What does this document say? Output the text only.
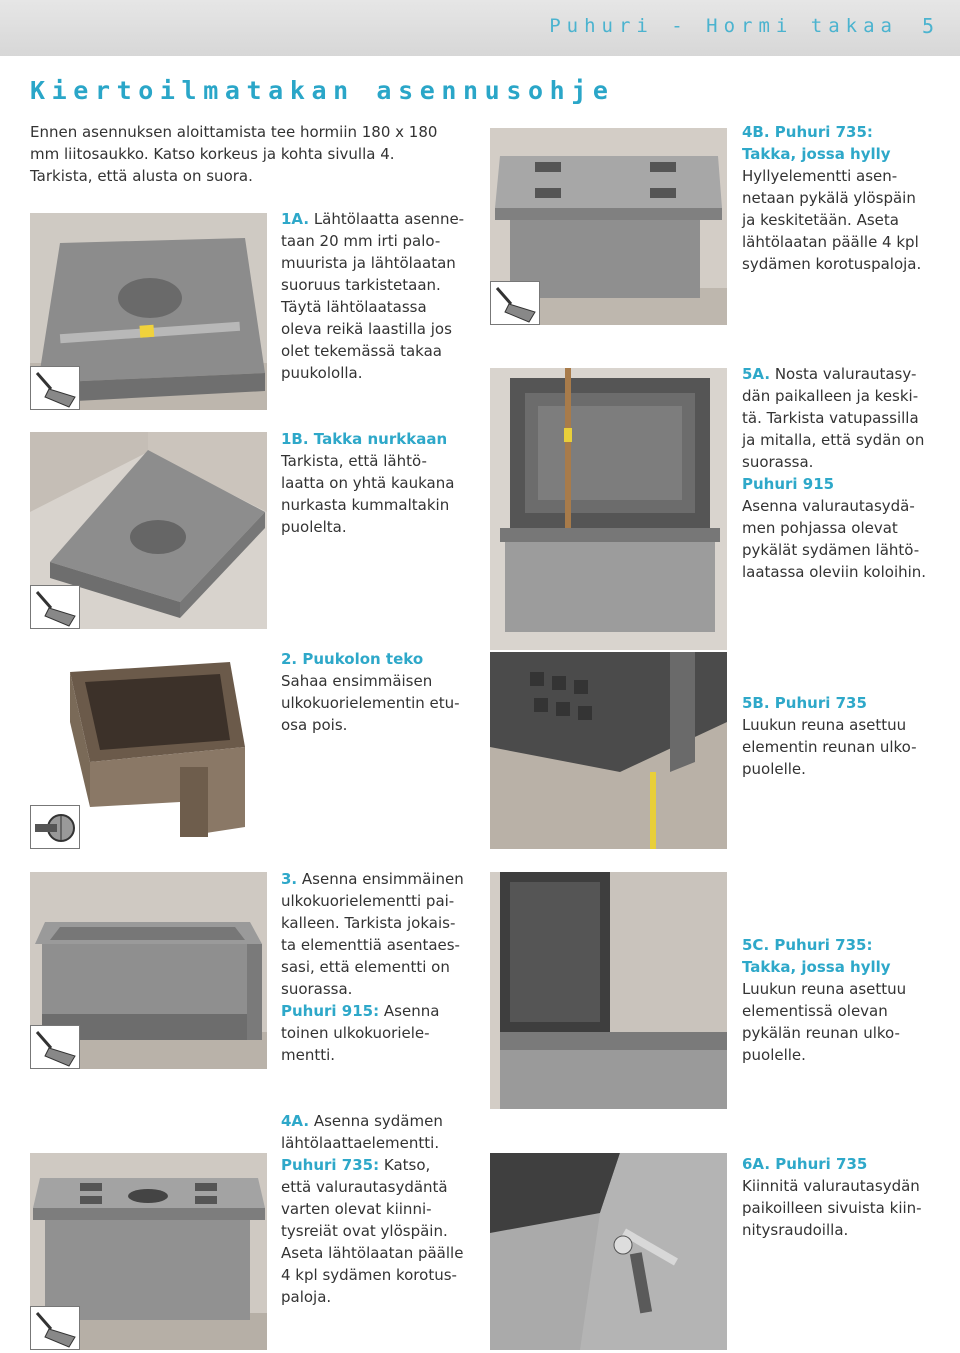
Puhuri - Hormi takaa 5
Kiertoilmatakan asennusohje
Ennen asennuksen aloittamista tee hormiin 180 x 180
mm liitosaukko. Katso korkeus ja kohta sivulla 4.
Tarkista, että alusta on suora.
1A. Lähtölaatta asenne-
taan 20 mm irti palo-
muurista ja lähtölaatan
suoruus tarkistetaan.
Täytä lähtölaatassa
oleva reikä laastilla jos
olet tekemässä takaa
puukololla.
1B. Takka nurkkaan
Tarkista, että lähtö-
laatta on yhtä kaukana
nurkasta kummaltakin
puolelta.
2. Puukolon teko
Sahaa ensimmäisen
ulkokuorielementin etu-
osa pois.
3. Asenna ensimmäinen
ulkokuorielementti pai-
kalleen. Tarkista jokais-
ta elementtiä asentaes-
sasi, että elementti on
suorassa.
Puhuri 915: Asenna
toinen ulkokuoriele-
mentti.
4A. Asenna sydämen
lähtölaattaelementti.
Puhuri 735: Katso,
että valurautasydäntä
varten olevat kiinni-
tysreiät ovat ylöspäin.
Aseta lähtölaatan päälle
4 kpl sydämen korotus-
paloja.
4B. Puhuri 735:
Takka, jossa hylly
Hyllyelementti asen-
netaan pykälä ylöspäin
ja keskitetään. Aseta
lähtölaatan päälle 4 kpl
sydämen korotuspaloja.
5A. Nosta valurautasy-
dän paikalleen ja keski-
tä. Tarkista vatupassilla
ja mitalla, että sydän on
suorassa.
Puhuri 915
Asenna valurautasydä-
men pohjassa olevat
pykälät sydämen lähtö-
laatassa oleviin koloihin.
5B. Puhuri 735
Luukun reuna asettuu
elementin reunan ulko-
puolelle.
5C. Puhuri 735:
Takka, jossa hylly
Luukun reuna asettuu
elementissä olevan
pykälän reunan ulko-
puolelle.
6A. Puhuri 735
Kiinnitä valurautasydän
paikoilleen sivuista kiin-
nitysraudoilla.
